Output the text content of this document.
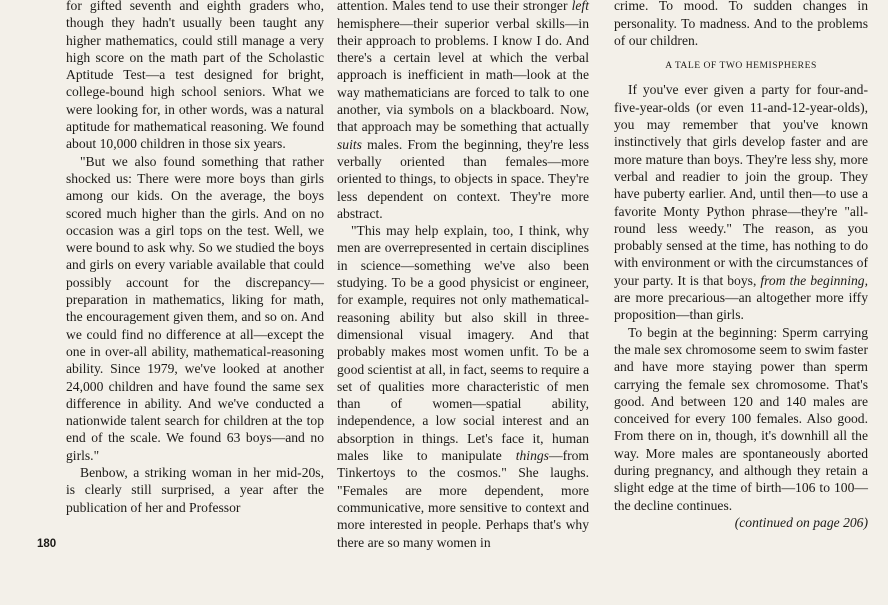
for gifted seventh and eighth graders who, though they hadn't usually been taught any higher mathematics, could still manage a very high score on the math part of the Scholastic Aptitude Test—a test designed for bright, college-bound high school seniors. What we were looking for, in other words, was a natural aptitude for mathematical reasoning. We found about 10,000 children in those six years.

"But we also found something that rather shocked us: There were more boys than girls among our kids. On the average, the boys scored much higher than the girls. And on no occasion was a girl tops on the test. Well, we were bound to ask why. So we studied the boys and girls on every variable available that could possibly account for the discrepancy—preparation in mathematics, liking for math, the encouragement given them, and so on. And we could find no difference at all—except the one in over-all ability, mathematical-reasoning ability. Since 1979, we've looked at another 24,000 children and have found the same sex difference in ability. And we've conducted a nationwide talent search for children at the top end of the scale. We found 63 boys—and no girls."

Benbow, a striking woman in her mid-20s, is clearly still surprised, a year after the publication of her and Professor

attention. Males tend to use their stronger left hemisphere—their superior verbal skills—in their approach to problems. I know I do. And there's a certain level at which the verbal approach is inefficient in math—look at the way mathematicians are forced to talk to one another, via symbols on a blackboard. Now, that approach may be something that actually suits males. From the beginning, they're less verbally oriented than females—more oriented to things, to objects in space. They're less dependent on context. They're more abstract.

"This may help explain, too, I think, why men are overrepresented in certain disciplines in science—something we've also been studying. To be a good physicist or engineer, for example, requires not only mathematical-reasoning ability but also skill in three-dimensional visual imagery. And that probably makes most women unfit. To be a good scientist at all, in fact, seems to require a set of qualities more characteristic of men than of women—spatial ability, independence, a low social interest and an absorption in things. Let's face it, human males like to manipulate things—from Tinkertoys to the cosmos." She laughs. "Females are more dependent, more communicative, more sensitive to context and more interested in people. Perhaps that's why there are so many women in

crime. To mood. To sudden changes in personality. To madness. And to the problems of our children.

A TALE OF TWO HEMISPHERES

If you've ever given a party for four-and-five-year-olds (or even 11-and-12-year-olds), you may remember that you've known instinctively that girls develop faster and are more mature than boys. They're less shy, more verbal and readier to join the group. They have puberty earlier. And, until then—to use a favorite Monty Python phrase—they're "all-round less weedy." The reason, as you probably sensed at the time, has nothing to do with environment or with the circumstances of your party. It is that boys, from the beginning, are more precarious—an altogether more iffy proposition—than girls.

To begin at the beginning: Sperm carrying the male sex chromosome seem to swim faster and have more staying power than sperm carrying the female sex chromosome. That's good. And between 120 and 140 males are conceived for every 100 females. Also good. From there on in, though, it's downhill all the way. More males are spontaneously aborted during pregnancy, and although they retain a slight edge at the time of birth—106 to 100—the decline continues.

(continued on page 206)

180
